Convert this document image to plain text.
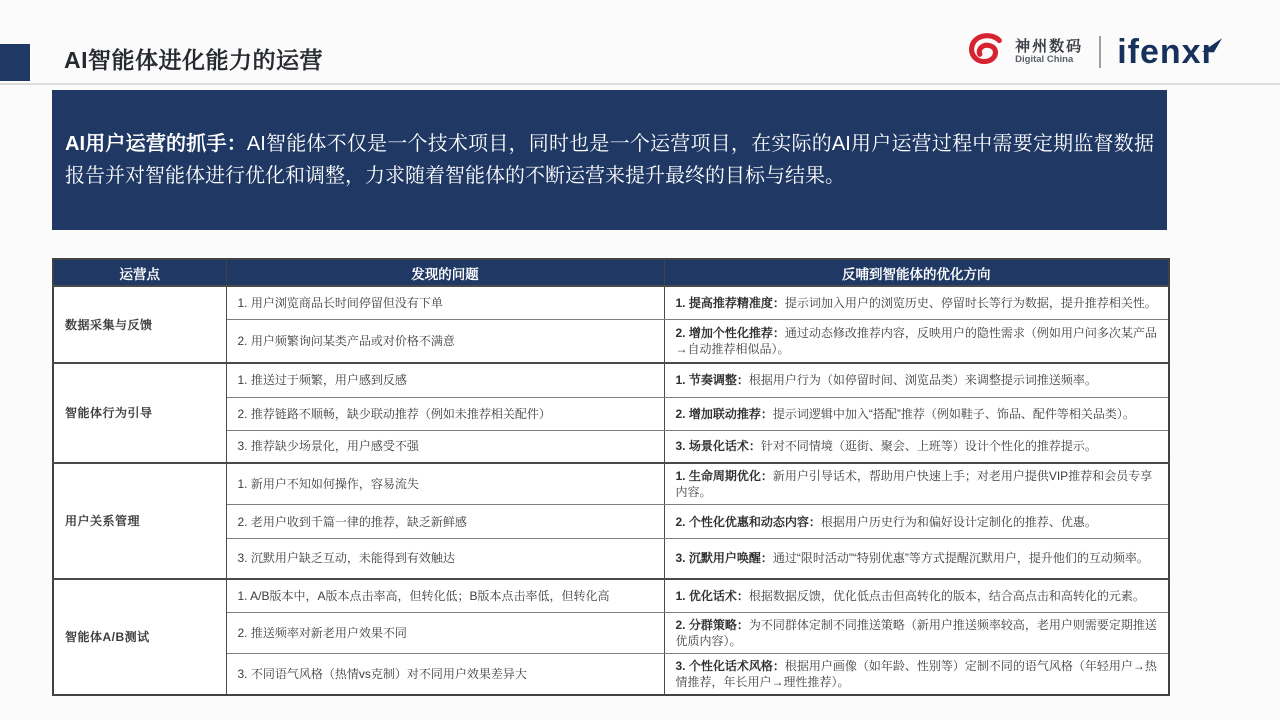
AI智能体进化能力的运营
神州数码
Digital China ifenxı

AI用户运营的抓手：AI智能体不仅是一个技术项目，同时也是一个运营项目，在实际的AI用户运营过程中需要定期监督数据报告并对智能体进行优化和调整，力求随着智能体的不断运营来提升最终的目标与结果。

运营点	发现的问题	反哺到智能体的优化方向
数据采集与反馈	1. 用户浏览商品长时间停留但没有下单	1. 提高推荐精准度：提示词加入用户的浏览历史、停留时长等行为数据，提升推荐相关性。
	2. 用户频繁询问某类产品或对价格不满意	2. 增加个性化推荐：通过动态修改推荐内容，反映用户的隐性需求（例如用户问多次某产品→自动推荐相似品）。
智能体行为引导	1. 推送过于频繁，用户感到反感	1. 节奏调整：根据用户行为（如停留时间、浏览品类）来调整提示词推送频率。
	2. 推荐链路不顺畅，缺少联动推荐（例如未推荐相关配件）	2. 增加联动推荐：提示词逻辑中加入“搭配”推荐（例如鞋子、饰品、配件等相关品类）。
	3. 推荐缺少场景化，用户感受不强	3. 场景化话术：针对不同情境（逛街、聚会、上班等）设计个性化的推荐提示。
用户关系管理	1. 新用户不知如何操作，容易流失	1. 生命周期优化：新用户引导话术，帮助用户快速上手；对老用户提供VIP推荐和会员专享内容。
	2. 老用户收到千篇一律的推荐，缺乏新鲜感	2. 个性化优惠和动态内容：根据用户历史行为和偏好设计定制化的推荐、优惠。
	3. 沉默用户缺乏互动，未能得到有效触达	3. 沉默用户唤醒：通过“限时活动”“特别优惠”等方式提醒沉默用户，提升他们的互动频率。
智能体A/B测试	1. A/B版本中，A版本点击率高，但转化低；B版本点击率低，但转化高	1. 优化话术：根据数据反馈，优化低点击但高转化的版本，结合高点击和高转化的元素。
	2. 推送频率对新老用户效果不同	2. 分群策略：为不同群体定制不同推送策略（新用户推送频率较高，老用户则需要定期推送优质内容）。
	3. 不同语气风格（热情vs克制）对不同用户效果差异大	3. 个性化话术风格：根据用户画像（如年龄、性别等）定制不同的语气风格（年轻用户→热情推荐，年长用户→理性推荐）。
